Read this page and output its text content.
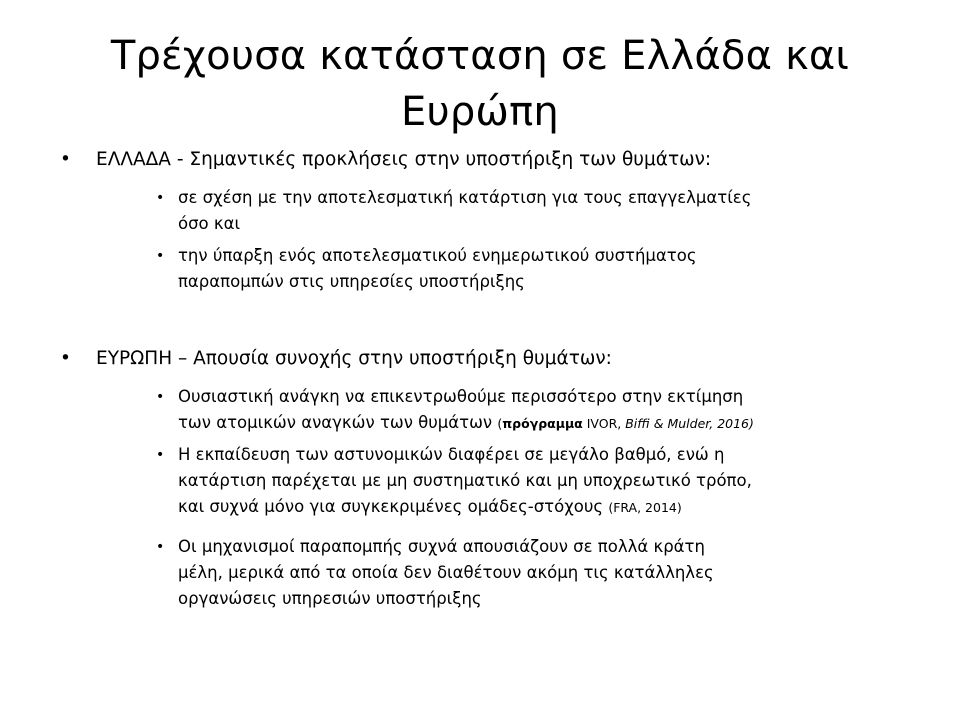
Τρέχουσα κατάσταση σε Ελλάδα και
Ευρώπη
• ΕΛΛΑΔΑ - Σημαντικές προκλήσεις στην υποστήριξη των θυμάτων:
• σε σχέση με την αποτελεσματική κατάρτιση για τους επαγγελματίες
όσο και
• την ύπαρξη ενός αποτελεσματικού ενημερωτικού συστήματος
παραπομπών στις υπηρεσίες υποστήριξης
• ΕΥΡΩΠΗ – Απουσία συνοχής στην υποστήριξη θυμάτων:
• Ουσιαστική ανάγκη να επικεντρωθούμε περισσότερο στην εκτίμηση
των ατομικών αναγκών των θυμάτων (πρόγραμμα IVOR, Biffi & Mulder, 2016)
• Η εκπαίδευση των αστυνομικών διαφέρει σε μεγάλο βαθμό, ενώ η
κατάρτιση παρέχεται με μη συστηματικό και μη υποχρεωτικό τρόπο,
και συχνά μόνο για συγκεκριμένες ομάδες-στόχους (FRA, 2014)
• Οι μηχανισμοί παραπομπής συχνά απουσιάζουν σε πολλά κράτη
μέλη, μερικά από τα οποία δεν διαθέτουν ακόμη τις κατάλληλες
οργανώσεις υπηρεσιών υποστήριξης
